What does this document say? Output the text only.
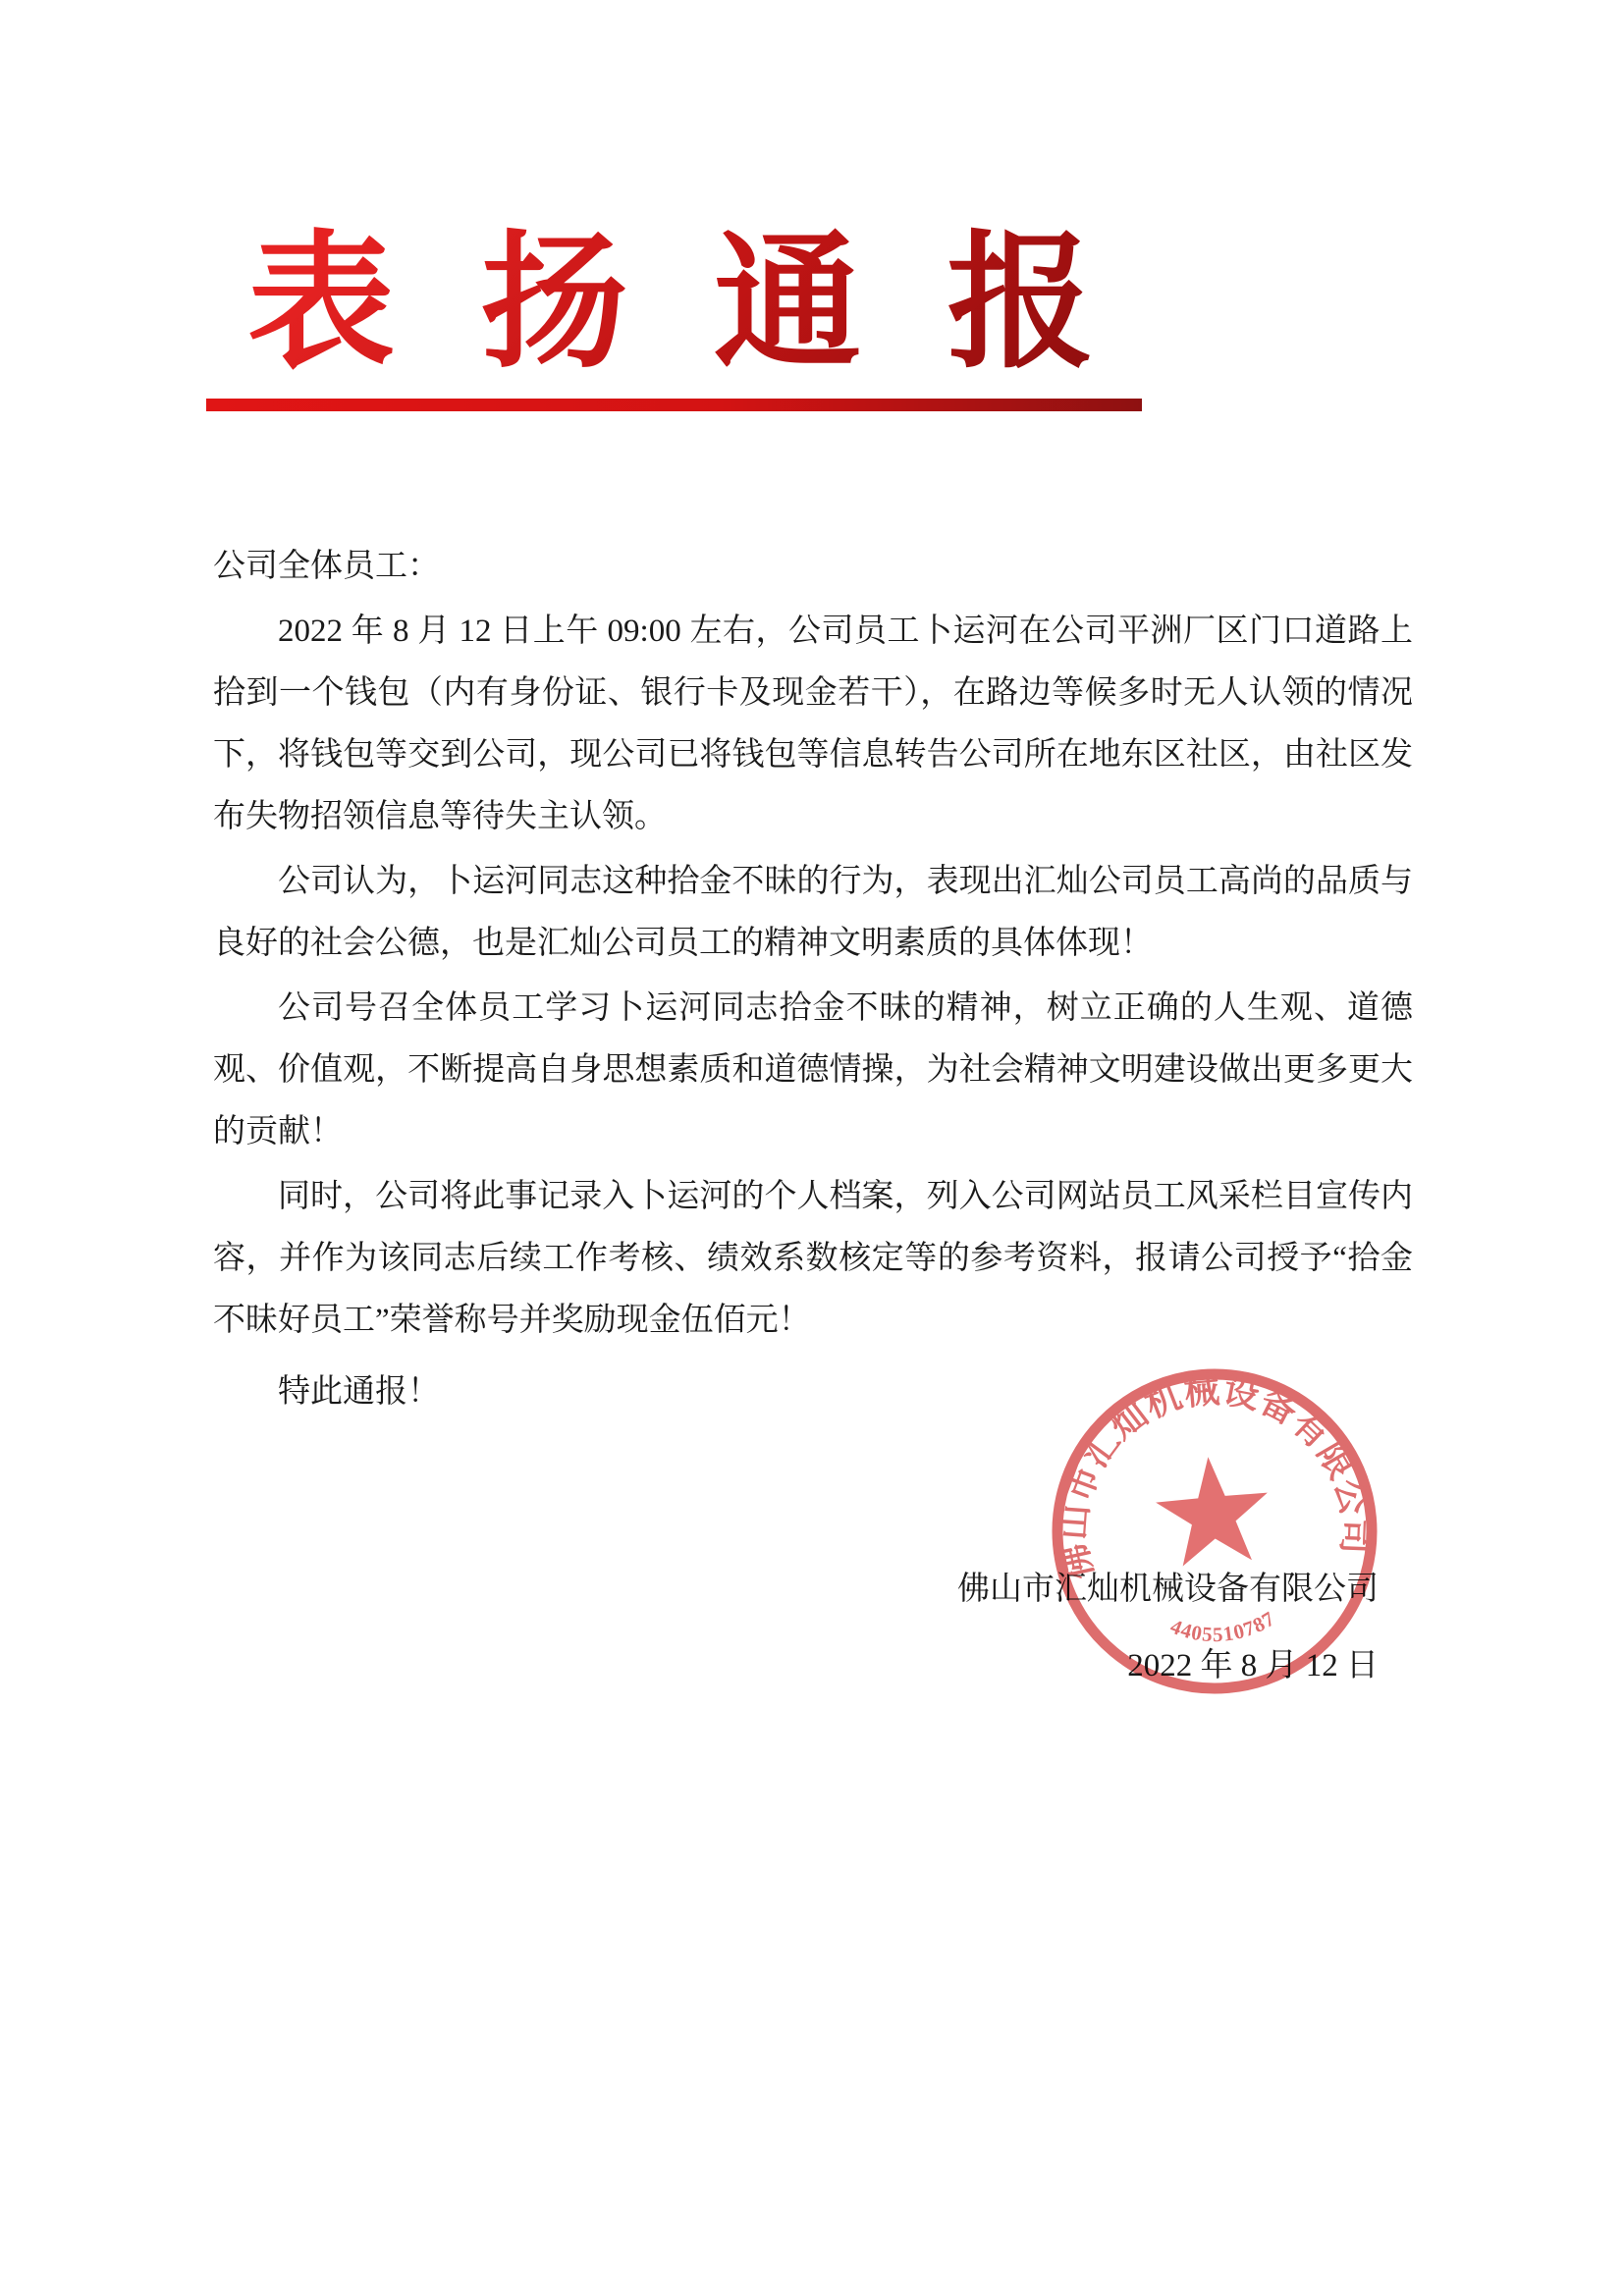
表 扬 通 报

公司全体员工：

2022 年 8 月 12 日上午 09:00 左右，公司员工卜运河在公司平洲厂区门口道路上拾到一个钱包（内有身份证、银行卡及现金若干），在路边等候多时无人认领的情况下，将钱包等交到公司，现公司已将钱包等信息转告公司所在地东区社区，由社区发布失物招领信息等待失主认领。

公司认为，卜运河同志这种拾金不昧的行为，表现出汇灿公司员工高尚的品质与良好的社会公德，也是汇灿公司员工的精神文明素质的具体体现！

公司号召全体员工学习卜运河同志拾金不昧的精神，树立正确的人生观、道德观、价值观，不断提高自身思想素质和道德情操，为社会精神文明建设做出更多更大的贡献！

同时，公司将此事记录入卜运河的个人档案，列入公司网站员工风采栏目宣传内容，并作为该同志后续工作考核、绩效系数核定等的参考资料，报请公司授予“拾金不昧好员工”荣誉称号并奖励现金伍佰元！

特此通报！

佛山市汇灿机械设备有限公司
2022 年 8 月 12 日
佛山市汇灿机械设备有限公司
4405510787
